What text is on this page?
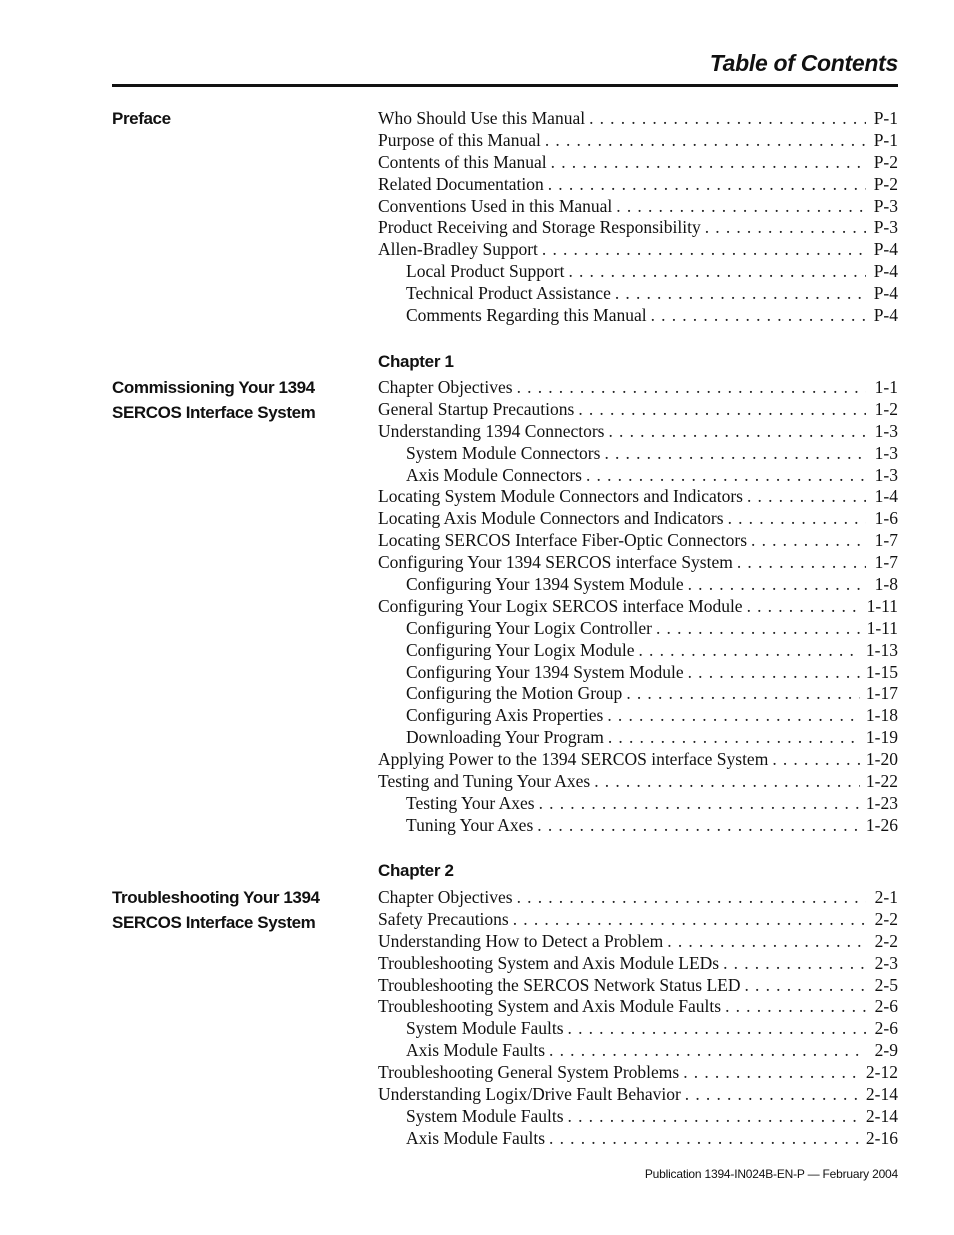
Table of Contents
Preface	Who Should Use this Manual . . .	P-1
Purpose of this Manual . . .	P-1
Contents of this Manual . . .	P-2
Related Documentation . . .	P-2
Conventions Used in this Manual . . .	P-3
Product Receiving and Storage Responsibility . . .	P-3
Allen-Bradley Support . . .	P-4
Local Product Support . . .	P-4
Technical Product Assistance . . .	P-4
Comments Regarding this Manual . . .	P-4
Chapter 1
Commissioning Your 1394 SERCOS Interface System
Chapter Objectives . . .	1-1
General Startup Precautions . . .	1-2
Understanding 1394 Connectors . . .	1-3
System Module Connectors . . .	1-3
Axis Module Connectors . . .	1-3
Locating System Module Connectors and Indicators . . .	1-4
Locating Axis Module Connectors and Indicators . . .	1-6
Locating SERCOS Interface Fiber-Optic Connectors . . .	1-7
Configuring Your 1394 SERCOS interface System . . .	1-7
Configuring Your 1394 System Module . . .	1-8
Configuring Your Logix SERCOS interface Module . . .	1-11
Configuring Your Logix Controller . . .	1-11
Configuring Your Logix Module . . .	1-13
Configuring Your 1394 System Module . . .	1-15
Configuring the Motion Group . . .	1-17
Configuring Axis Properties . . .	1-18
Downloading Your Program . . .	1-19
Applying Power to the 1394 SERCOS interface System . . .	1-20
Testing and Tuning Your Axes . . .	1-22
Testing Your Axes . . .	1-23
Tuning Your Axes . . .	1-26
Chapter 2
Troubleshooting Your 1394 SERCOS Interface System
Chapter Objectives . . .	2-1
Safety Precautions . . .	2-2
Understanding How to Detect a Problem . . .	2-2
Troubleshooting System and Axis Module LEDs . . .	2-3
Troubleshooting the SERCOS Network Status LED . . .	2-5
Troubleshooting System and Axis Module Faults . . .	2-6
System Module Faults . . .	2-6
Axis Module Faults . . .	2-9
Troubleshooting General System Problems . . .	2-12
Understanding Logix/Drive Fault Behavior . . .	2-14
System Module Faults . . .	2-14
Axis Module Faults . . .	2-16
Publication 1394-IN024B-EN-P — February 2004
